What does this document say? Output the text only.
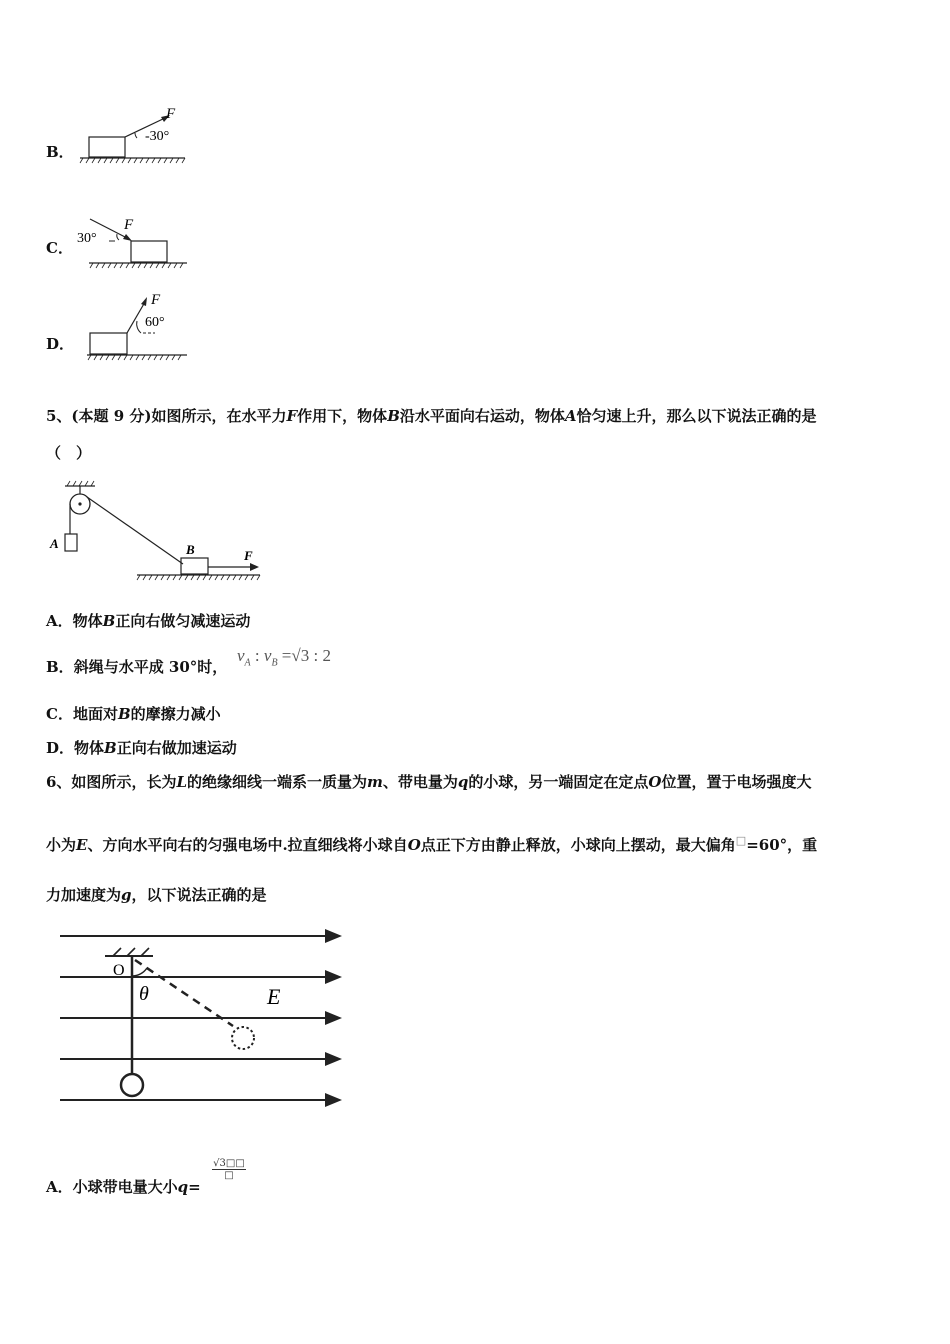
B．
F
-30°
C．
F
30°
D．
F
60°
5、(本题 9 分)如图所示，在水平力F作用下，物体B沿水平面向右运动，物体A恰匀速上升，那么以下说法正确的是
（　）
A	B	F
A．物体B正向右做匀减速运动
B．斜绳与水平成 30°时，
$v_A$ : $v_B =√3$ : 2
C．地面对B的摩擦力减小
D．物体B正向右做加速运动
6、如图所示，长为L的绝缘细线一端系一质量为m、带电量为q的小球，另一端固定在定点O位置，置于电场强度大
小为E、方向水平向右的匀强电场中.拉直细线将小球自O点正下方由静止释放，小球向上摆动，最大偏角□=60°，重
力加速度为g，以下说法正确的是
O
θ	E
A．小球带电量大小q=
√3□□
□
